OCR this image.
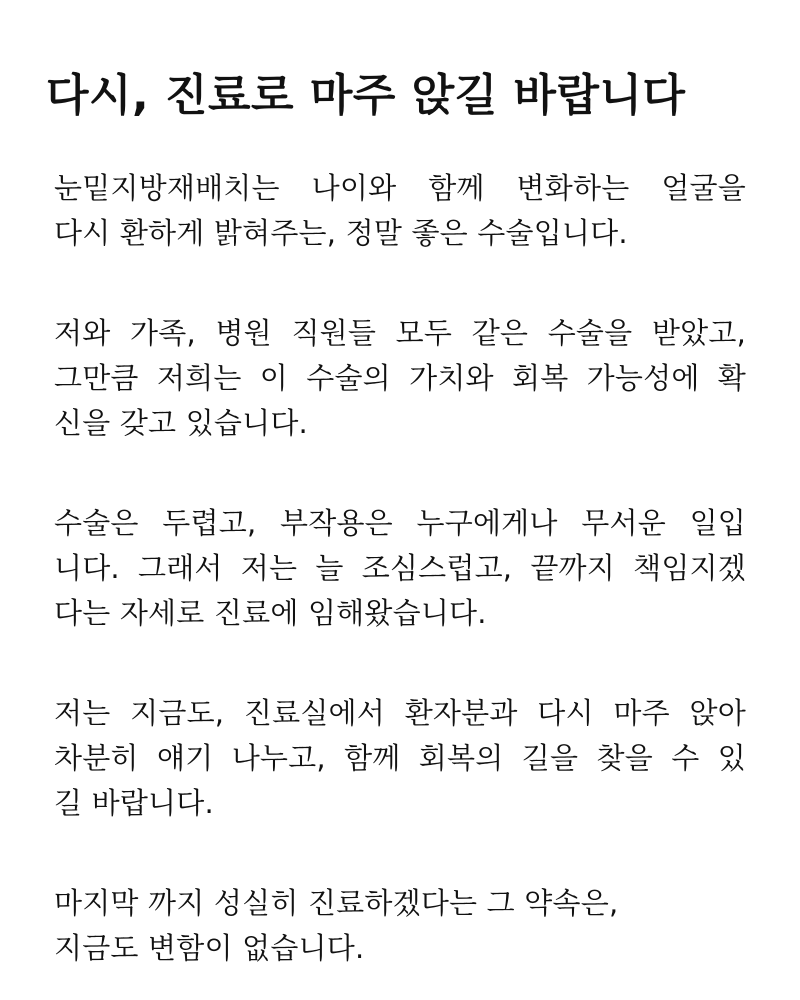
다시, 진료로 마주 앉길 바랍니다

눈밑지방재배치는 나이와 함께 변화하는 얼굴을
다시 환하게 밝혀주는, 정말 좋은 수술입니다.

저와 가족, 병원 직원들 모두 같은 수술을 받았고,
그만큼 저희는 이 수술의 가치와 회복 가능성에 확
신을 갖고 있습니다.

수술은 두렵고, 부작용은 누구에게나 무서운 일입
니다. 그래서 저는 늘 조심스럽고, 끝까지 책임지겠
다는 자세로 진료에 임해왔습니다.

저는 지금도, 진료실에서 환자분과 다시 마주 앉아
차분히 얘기 나누고, 함께 회복의 길을 찾을 수 있
길 바랍니다.

마지막 까지 성실히 진료하겠다는 그 약속은,
지금도 변함이 없습니다.
